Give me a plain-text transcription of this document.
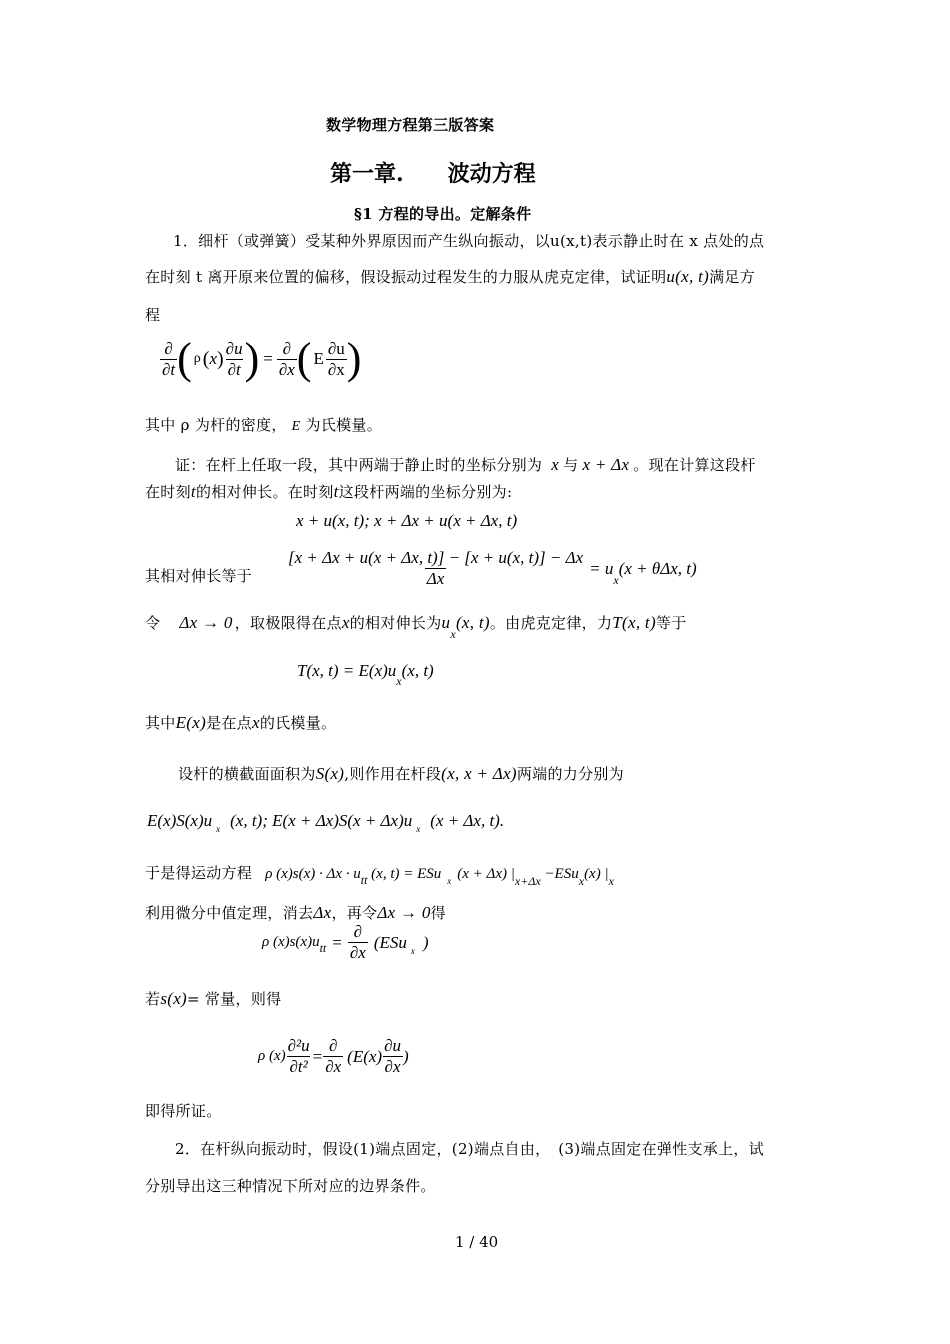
数学物理方程第三版答案
第一章.　　波动方程
§1 方程的导出。定解条件
1．细杆（或弹簧）受某种外界原因而产生纵向振动，以u(x,t)表示静止时在 x 点处的点
在时刻 t 离开原来位置的偏移，假设振动过程发生的力服从虎克定律，试证明u(x, t)满足方
程
$\frac{\partial}{\partial t}$ ( ρ ( x ) $\frac{\partial u}{\partial t}$ ) = $\frac{\partial}{\partial x}$ ( E $\frac{\partial u}{\partial x}$ )
其中 ρ 为杆的密度， E 为氏模量。
证：在杆上任取一段，其中两端于静止时的坐标分别为 x 与 x + Δx 。现在计算这段杆
在时刻t的相对伸长。在时刻t这段杆两端的坐标分别为:
x + u(x, t); x + Δx + u(x + Δx, t)
其相对伸长等于 $\frac{[x + \Delta x + u(x + \Delta x, t)] - [x + u(x, t)] - \Delta x}{\Delta x} = u_x(x + \theta\Delta x$, t)
令 Δx → 0 ，取极限得在点x的相对伸长为$u_x(x$, t)。由虎克定律，力T(x, t)等于
T(x, $t) = E(x)u_x(x$, t)
其中E(x)是在点x的氏模量。
设杆的横截面面积为S(x),则作用在杆段(x, x + Δx)两端的力分别为
E(x)S(x)u $_x$ (x, t); E(x + Δx)S(x + Δx)u $_x$ (x + Δx, t).
于是得运动方程 ρ $(x)s(x) \cdot \Delta x \cdot u_{tt}$ (x, t) = ESu $_x$ (x + Δx) $|_{x+\Delta x} -ESu_x(x)$ $|_x$
利用微分中值定理，消去Δx，再令Δx → 0得
ρ $(x)s(x)u_{tt} = \frac{\partial}{\partial x} (ESu$ $_x$ )
若s(x)= 常量，则得
ρ $(x) \frac{\text{∂²u}}{\text{∂t²}} = \frac{\partial}{\partial x} (E(x) \frac{\partial u}{\partial x}$ )
即得所证。
2．在杆纵向振动时，假设(1)端点固定，(2)端点自由，　(3)端点固定在弹性支承上，试
分别导出这三种情况下所对应的边界条件。
1 / 40
